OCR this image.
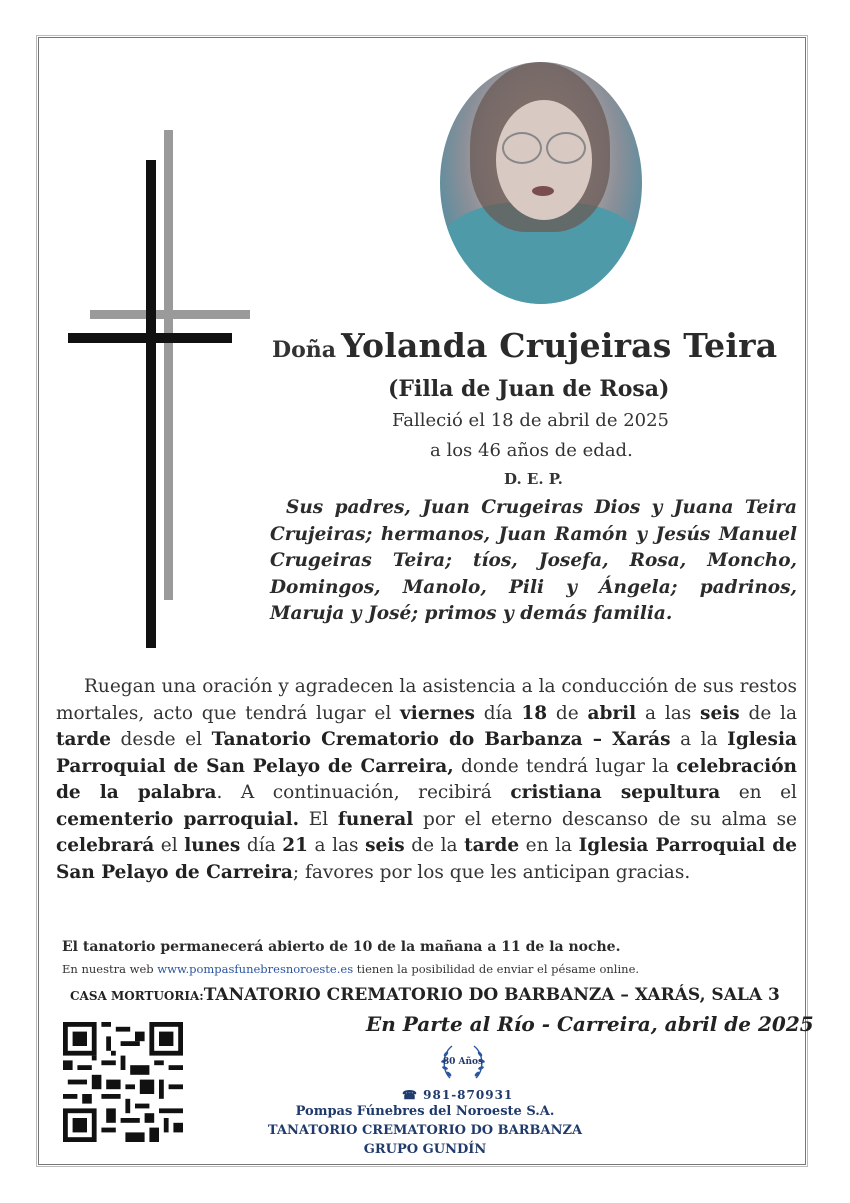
Doña Yolanda Crujeiras Teira
(Filla de Juan de Rosa)
Falleció el 18 de abril de 2025
a los 46 años de edad.
D. E. P.
Sus padres, Juan Crugeiras Dios y Juana Teira Crujeiras; hermanos, Juan Ramón y Jesús Manuel Crugeiras Teira; tíos, Josefa, Rosa, Moncho, Domingos, Manolo, Pili y Ángela; padrinos, Maruja y José; primos y demás familia.
Ruegan una oración y agradecen la asistencia a la conducción de sus restos mortales, acto que tendrá lugar el viernes día 18 de abril a las seis de la tarde desde el Tanatorio Crematorio do Barbanza – Xarás a la Iglesia Parroquial de San Pelayo de Carreira, donde tendrá lugar la celebración de la palabra. A continuación, recibirá cristiana sepultura en el cementerio parroquial. El funeral por el eterno descanso de su alma se celebrará el lunes día 21 a las seis de la tarde en la Iglesia Parroquial de San Pelayo de Carreira; favores por los que les anticipan gracias.
El tanatorio permanecerá abierto de 10 de la mañana a 11 de la noche.
En nuestra web www.pompasfunebresnoroeste.es tienen la posibilidad de enviar el pésame online.
CASA MORTUORIA:TANATORIO CREMATORIO DO BARBANZA – XARÁS, SALA 3
En Parte al Río - Carreira, abril de 2025
80 Años
☎ 981-870931
Pompas Fúnebres del Noroeste S.A.
TANATORIO CREMATORIO DO BARBANZA
GRUPO GUNDÍN
